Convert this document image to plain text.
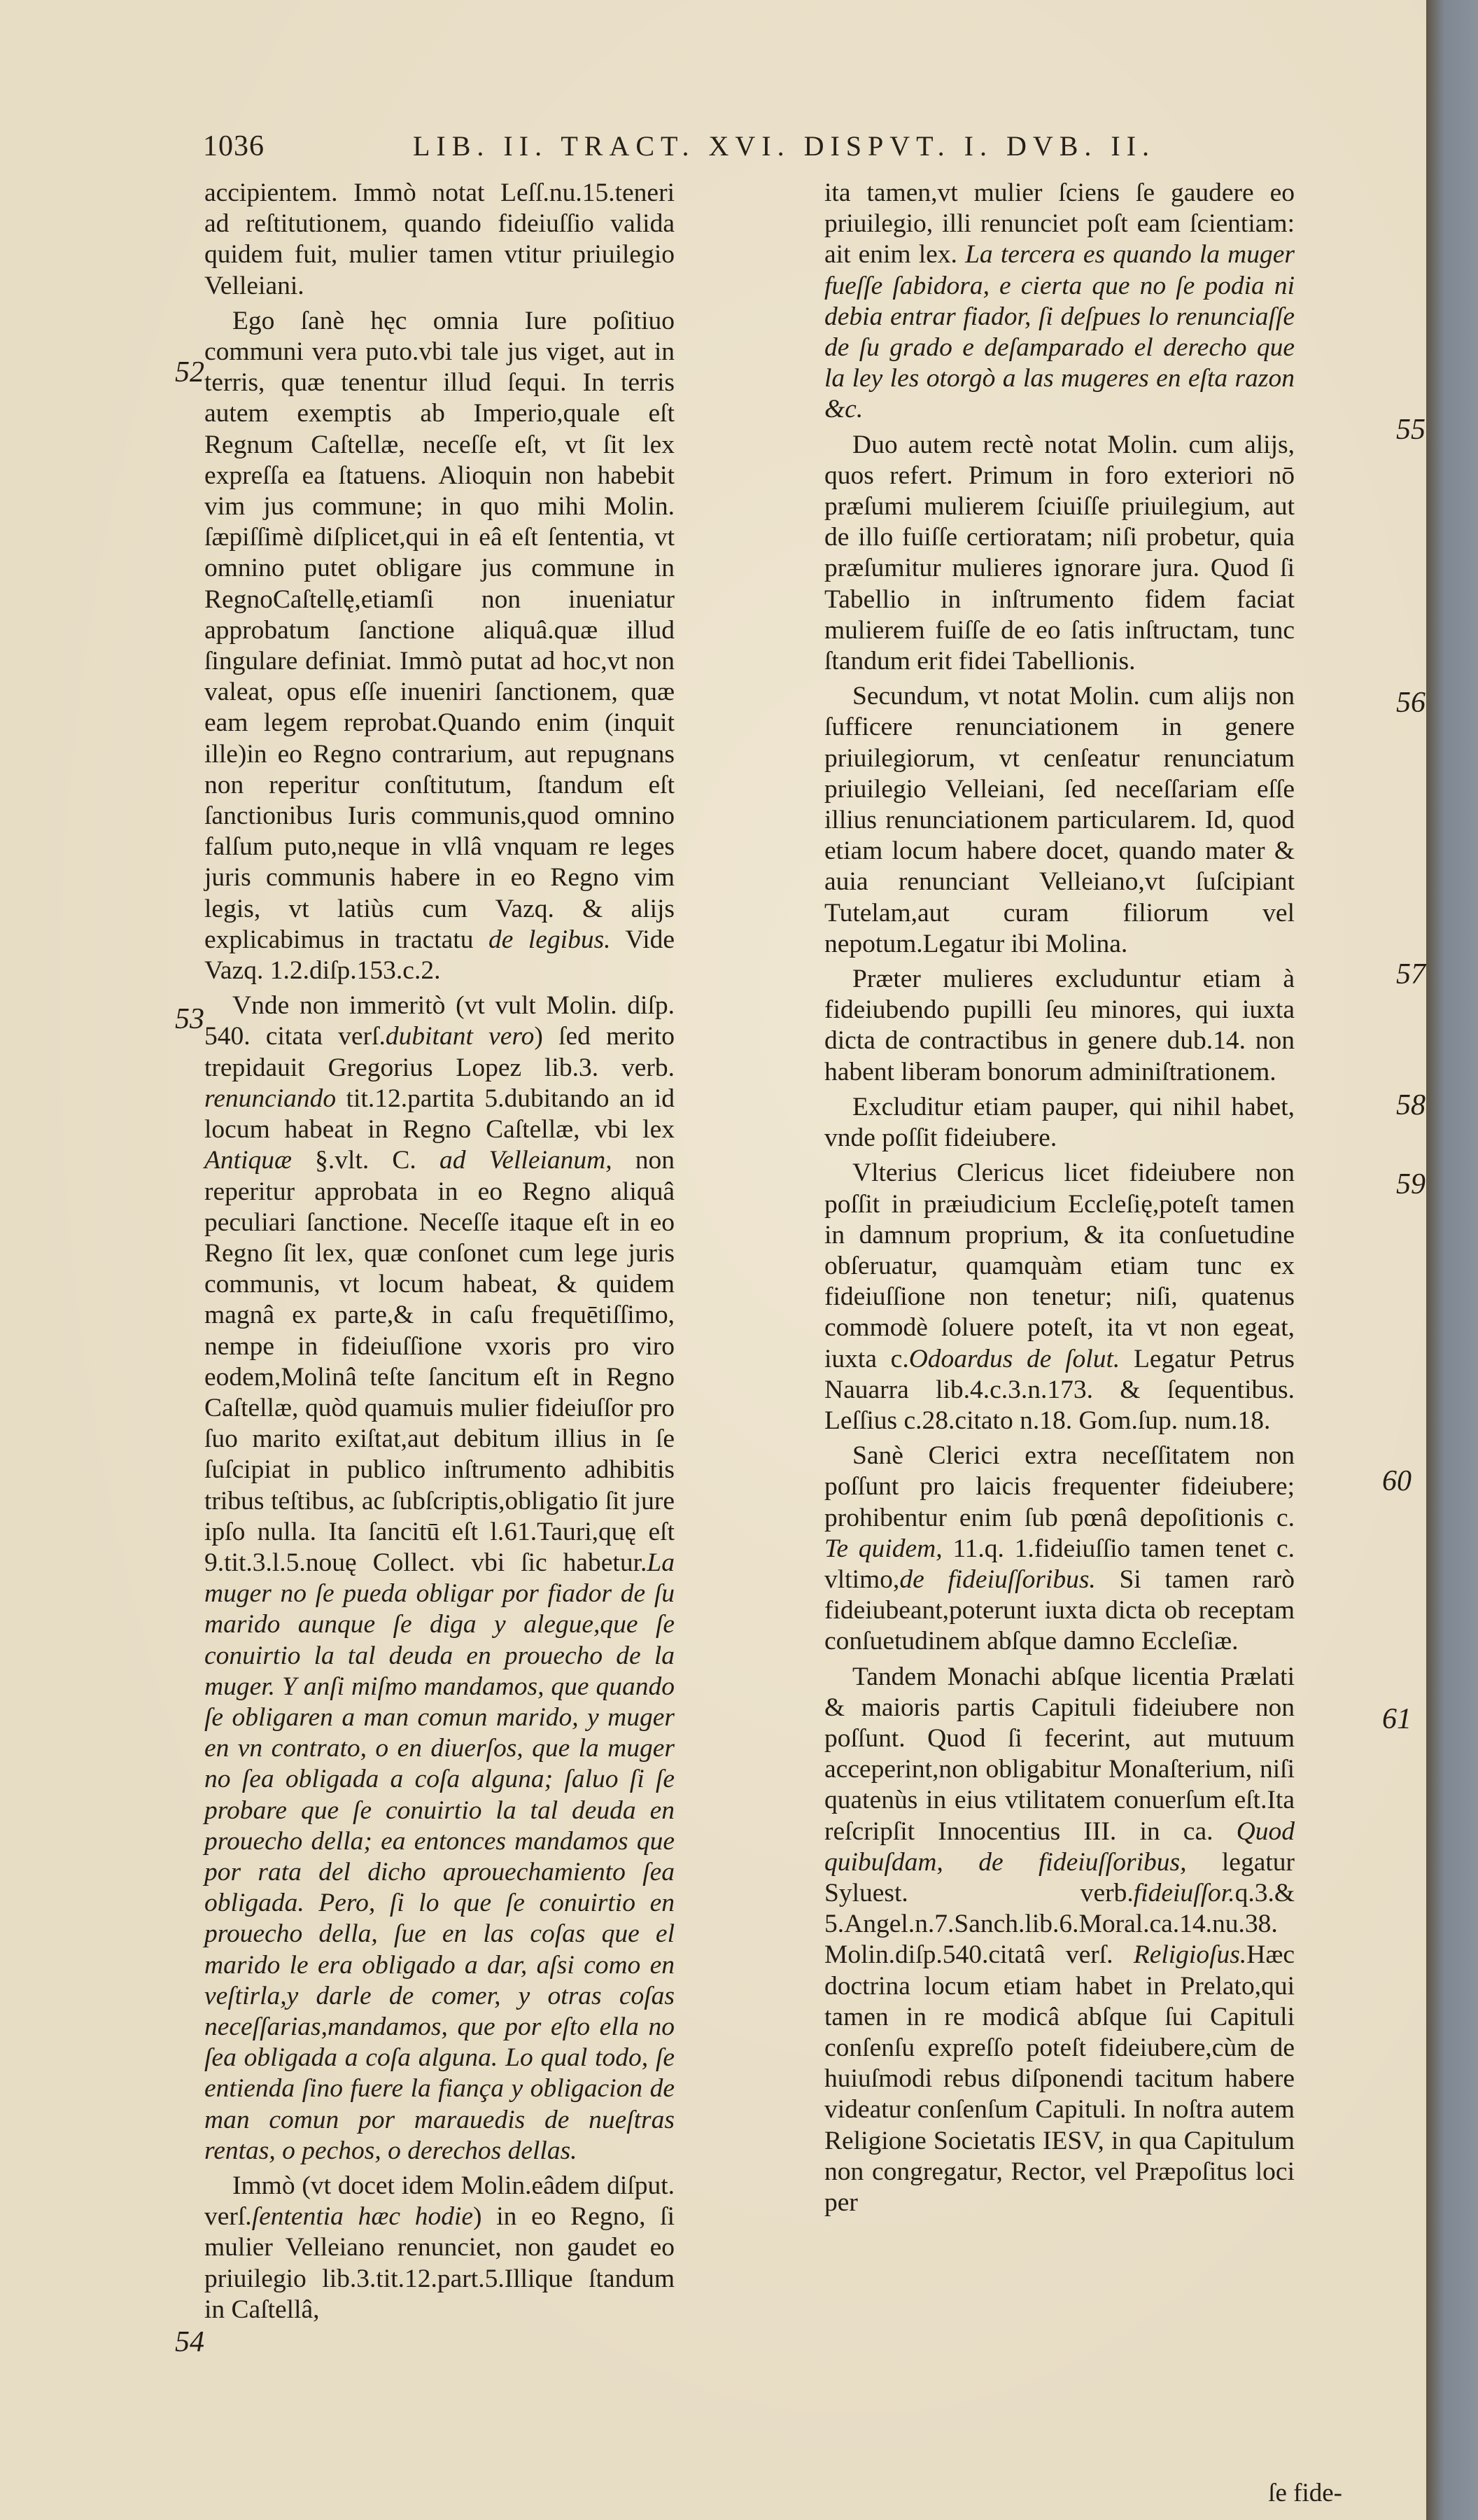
1036	LIB. II. TRACT. XVI. DISPVT. I. DVB. II.
52
53
54
55
56
57
58
59
60
61

accipientem. Immò notat Leſſ.nu.15.teneri ad reſtitutionem, quando fideiuſſio valida quidem fuit, mulier tamen vtitur priuilegio Velleiani.

Ego ſanè hęc omnia Iure poſitiuo communi vera puto.vbi tale jus viget, aut in terris, quæ tenentur illud ſequi. In terris autem exemptis ab Imperio,quale eſt Regnum Caſtellæ, neceſſe eſt, vt ſit lex expreſſa ea ſtatuens. Alioquin non habebit vim jus commune; in quo mihi Molin. ſæpiſſimè diſplicet,qui in eâ eſt ſententia, vt omnino putet obligare jus commune in RegnoCaſtellę,etiamſi non inueniatur approbatum ſanctione aliquâ.quæ illud ſingulare definiat. Immò putat ad hoc,vt non valeat, opus eſſe inueniri ſanctionem, quæ eam legem reprobat.Quando enim (inquit ille)in eo Regno contrarium, aut repugnans non reperitur conſtitutum, ſtandum eſt ſanctionibus Iuris communis,quod omnino falſum puto,neque in vllâ vnquam re leges juris communis habere in eo Regno vim legis, vt latiùs cum Vazq. & alijs explicabimus in tractatu de legibus. Vide Vazq. 1.2.diſp.153.c.2.

Vnde non immeritò (vt vult Molin. diſp. 540. citata verſ.dubitant vero) ſed merito trepidauit Gregorius Lopez lib.3. verb. renunciando tit.12.partita 5.dubitando an id locum habeat in Regno Caſtellæ, vbi lex Antiquæ §.vlt. C. ad Velleianum, non reperitur approbata in eo Regno aliquâ peculiari ſanctione. Neceſſe itaque eſt in eo Regno ſit lex, quæ conſonet cum lege juris communis, vt locum habeat, & quidem magnâ ex parte,& in caſu frequētiſſimo, nempe in fideiuſſione vxoris pro viro eodem,Molinâ teſte ſancitum eſt in Regno Caſtellæ, quòd quamuis mulier fideiuſſor pro ſuo marito exiſtat,aut debitum illius in ſe ſuſcipiat in publico inſtrumento adhibitis tribus teſtibus, ac ſubſcriptis,obligatio ſit jure ipſo nulla. Ita ſancitū eſt l.61.Tauri,quę eſt 9.tit.3.l.5.nouę Collect. vbi ſic habetur.La muger no ſe pueda obligar por fiador de ſu marido aunque ſe diga y alegue,que ſe conuirtio la tal deuda en prouecho de la muger. Y anſi miſmo mandamos, que quando ſe obligaren a man comun marido, y muger en vn contrato, o en diuerſos, que la muger no ſea obligada a coſa alguna; ſaluo ſi ſe probare que ſe conuirtio la tal deuda en prouecho della; ea entonces mandamos que por rata del dicho aprouechamiento ſea obligada. Pero, ſi lo que ſe conuirtio en prouecho della, ſue en las coſas que el marido le era obligado a dar, aſsi como en veſtirla,y darle de comer, y otras coſas neceſſarias,mandamos, que por eſto ella no ſea obligada a coſa alguna. Lo qual todo, ſe entienda ſino fuere la fiança y obligacion de man comun por marauedis de nueſtras rentas, o pechos, o derechos dellas.

Immò (vt docet idem Molin.eâdem diſput. verſ.ſententia hæc hodie) in eo Regno, ſi mulier Velleiano renunciet, non gaudet eo priuilegio lib.3.tit.12.part.5.Illique ſtandum in Caſtellâ,

ita tamen,vt mulier ſciens ſe gaudere eo priuilegio, illi renunciet poſt eam ſcientiam: ait enim lex. La tercera es quando la muger fueſſe ſabidora, e cierta que no ſe podia ni debia entrar fiador, ſi deſpues lo renunciaſſe de ſu grado e deſamparado el derecho que la ley les otorgò a las mugeres en eſta razon &c.

Duo autem rectè notat Molin. cum alijs, quos refert. Primum in foro exteriori nō præſumi mulierem ſciuiſſe priuilegium, aut de illo fuiſſe certioratam; niſi probetur, quia præſumitur mulieres ignorare jura. Quod ſi Tabellio in inſtrumento fidem faciat mulierem fuiſſe de eo ſatis inſtructam, tunc ſtandum erit fidei Tabellionis.

Secundum, vt notat Molin. cum alijs non ſufficere renunciationem in genere priuilegiorum, vt cenſeatur renunciatum priuilegio Velleiani, ſed neceſſariam eſſe illius renunciationem particularem. Id, quod etiam locum habere docet, quando mater & auia renunciant Velleiano,vt ſuſcipiant Tutelam,aut curam filiorum vel nepotum.Legatur ibi Molina.

Præter mulieres excluduntur etiam à fideiubendo pupilli ſeu minores, qui iuxta dicta de contractibus in genere dub.14. non habent liberam bonorum adminiſtrationem.

Excluditur etiam pauper, qui nihil habet, vnde poſſit fideiubere.

Vlterius Clericus licet fideiubere non poſſit in præiudicium Eccleſię,poteſt tamen in damnum proprium, & ita conſuetudine obſeruatur, quamquàm etiam tunc ex fideiuſſione non tenetur; niſi, quatenus commodè ſoluere poteſt, ita vt non egeat, iuxta c.Odoardus de ſolut. Legatur Petrus Nauarra lib.4.c.3.n.173. & ſequentibus. Leſſius c.28.citato n.18. Gom.ſup. num.18.

Sanè Clerici extra neceſſitatem non poſſunt pro laicis frequenter fideiubere; prohibentur enim ſub pœnâ depoſitionis c. Te quidem, 11.q. 1.fideiuſſio tamen tenet c. vltimo,de fideiuſſoribus. Si tamen rarò fideiubeant,poterunt iuxta dicta ob receptam conſuetudinem abſque damno Eccleſiæ.

Tandem Monachi abſque licentia Prælati & maioris partis Capituli fideiubere non poſſunt. Quod ſi fecerint, aut mutuum acceperint,non obligabitur Monaſterium, niſi quatenùs in eius vtilitatem conuerſum eſt.Ita reſcripſit Innocentius III. in ca. Quod quibuſdam, de fideiuſſoribus, legatur Syluest. verb.fideiuſſor.q.3.& 5.Angel.n.7.Sanch.lib.6.Moral.ca.14.nu.38. Molin.diſp.540.citatâ verſ. Religioſus.Hæc doctrina locum etiam habet in Prelato,qui tamen in re modicâ abſque ſui Capituli conſenſu expreſſo poteſt fideiubere,cùm de huiuſmodi rebus diſponendi tacitum habere videatur conſenſum Capituli. In noſtra autem Religione Societatis IESV, in qua Capitulum non congregatur, Rector, vel Præpoſitus loci per

ſe fide-
